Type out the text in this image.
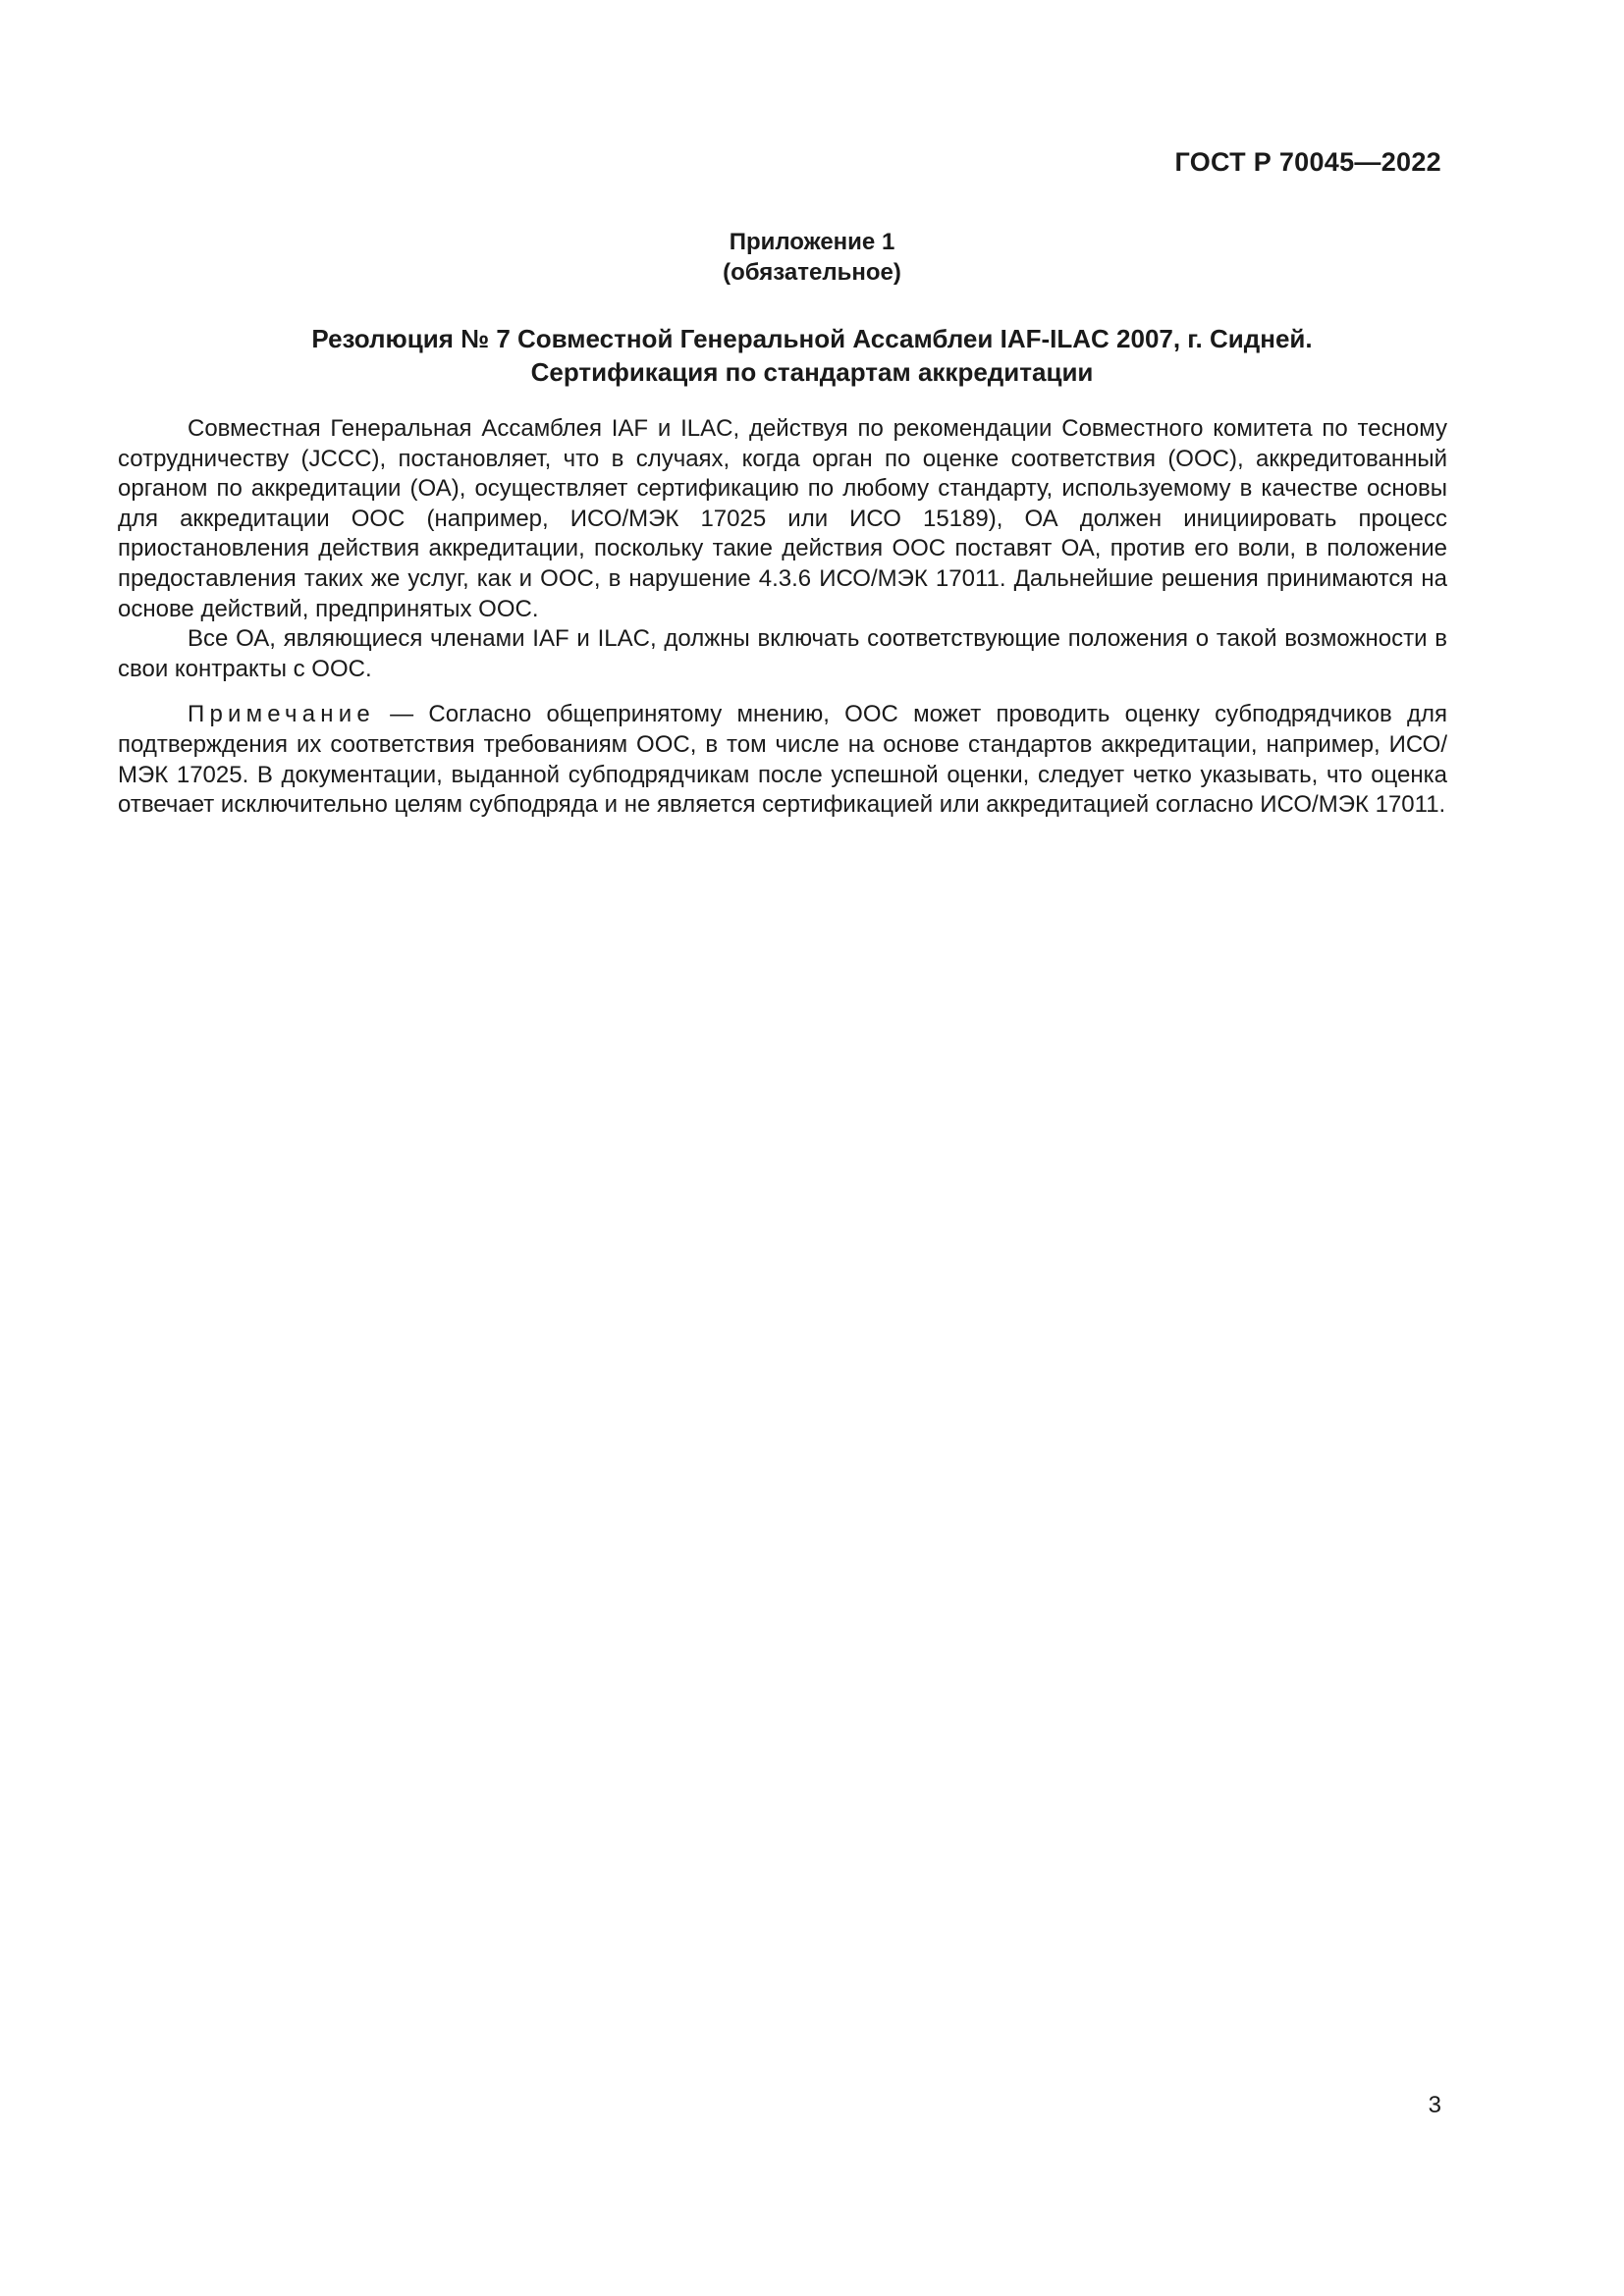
ГОСТ Р 70045—2022

Приложение 1
(обязательное)
Резолюция № 7 Совместной Генеральной Ассамблеи IAF-ILAC 2007, г. Сидней.
Сертификация по стандартам аккредитации

Совместная Генеральная Ассамблея IAF и ILAC, действуя по рекомендации Совместного комитета по тесному сотрудничеству (JCCC), постановляет, что в случаях, когда орган по оценке соответствия (ООС), аккредитованный органом по аккредитации (ОА), осуществляет сертификацию по любому стандарту, используемому в качестве основы для аккредитации ООС (например, ИСО/МЭК 17025 или ИСО 15189), ОА должен инициировать процесс приостановления действия аккредитации, поскольку такие действия ООС поставят ОА, против его воли, в положение предоставления таких же услуг, как и ООС, в нарушение 4.3.6 ИСО/МЭК 17011. Дальнейшие решения принимаются на основе действий, предпринятых ООС.

Все ОА, являющиеся членами IAF и ILAC, должны включать соответствующие положения о такой возможности в свои контракты с ООС.

Примечание — Согласно общепринятому мнению, ООС может проводить оценку субподрядчиков для подтверждения их соответствия требованиям ООС, в том числе на основе стандартов аккредитации, например, ИСО/МЭК 17025. В документации, выданной субподрядчикам после успешной оценки, следует четко указывать, что оценка отвечает исключительно целям субподряда и не является сертификацией или аккредитацией согласно ИСО/МЭК 17011.

3
